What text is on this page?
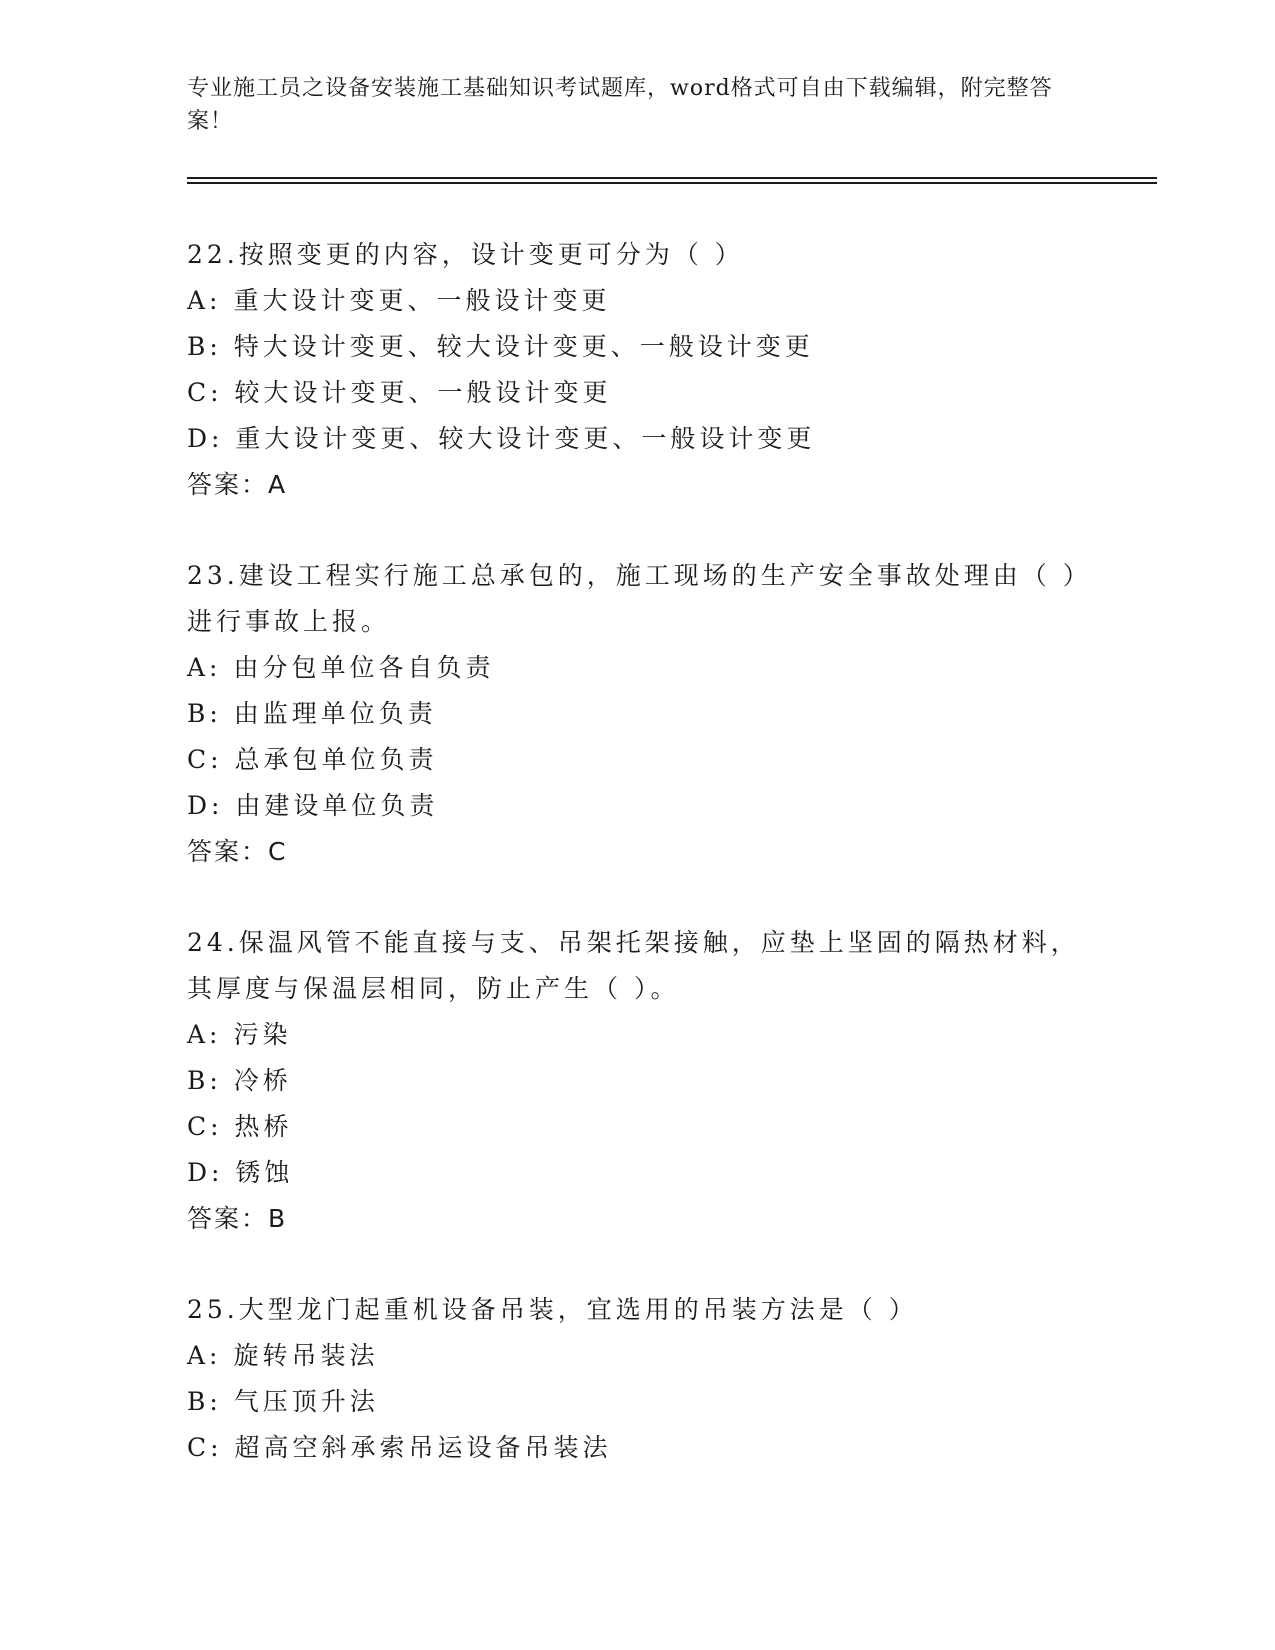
专业施工员之设备安装施工基础知识考试题库，word格式可自由下载编辑，附完整答案！
22.按照变更的内容，设计变更可分为（ ）
A: 重大设计变更、一般设计变更
B: 特大设计变更、较大设计变更、一般设计变更
C: 较大设计变更、一般设计变更
D: 重大设计变更、较大设计变更、一般设计变更
答案：A
23.建设工程实行施工总承包的，施工现场的生产安全事故处理由（ ）进行事故上报。
A: 由分包单位各自负责
B: 由监理单位负责
C: 总承包单位负责
D: 由建设单位负责
答案：C
24.保温风管不能直接与支、吊架托架接触，应垫上坚固的隔热材料，其厚度与保温层相同，防止产生（ ）。
A: 污染
B: 冷桥
C: 热桥
D: 锈蚀
答案：B
25.大型龙门起重机设备吊装，宜选用的吊装方法是（ ）
A: 旋转吊装法
B: 气压顶升法
C: 超高空斜承索吊运设备吊装法
